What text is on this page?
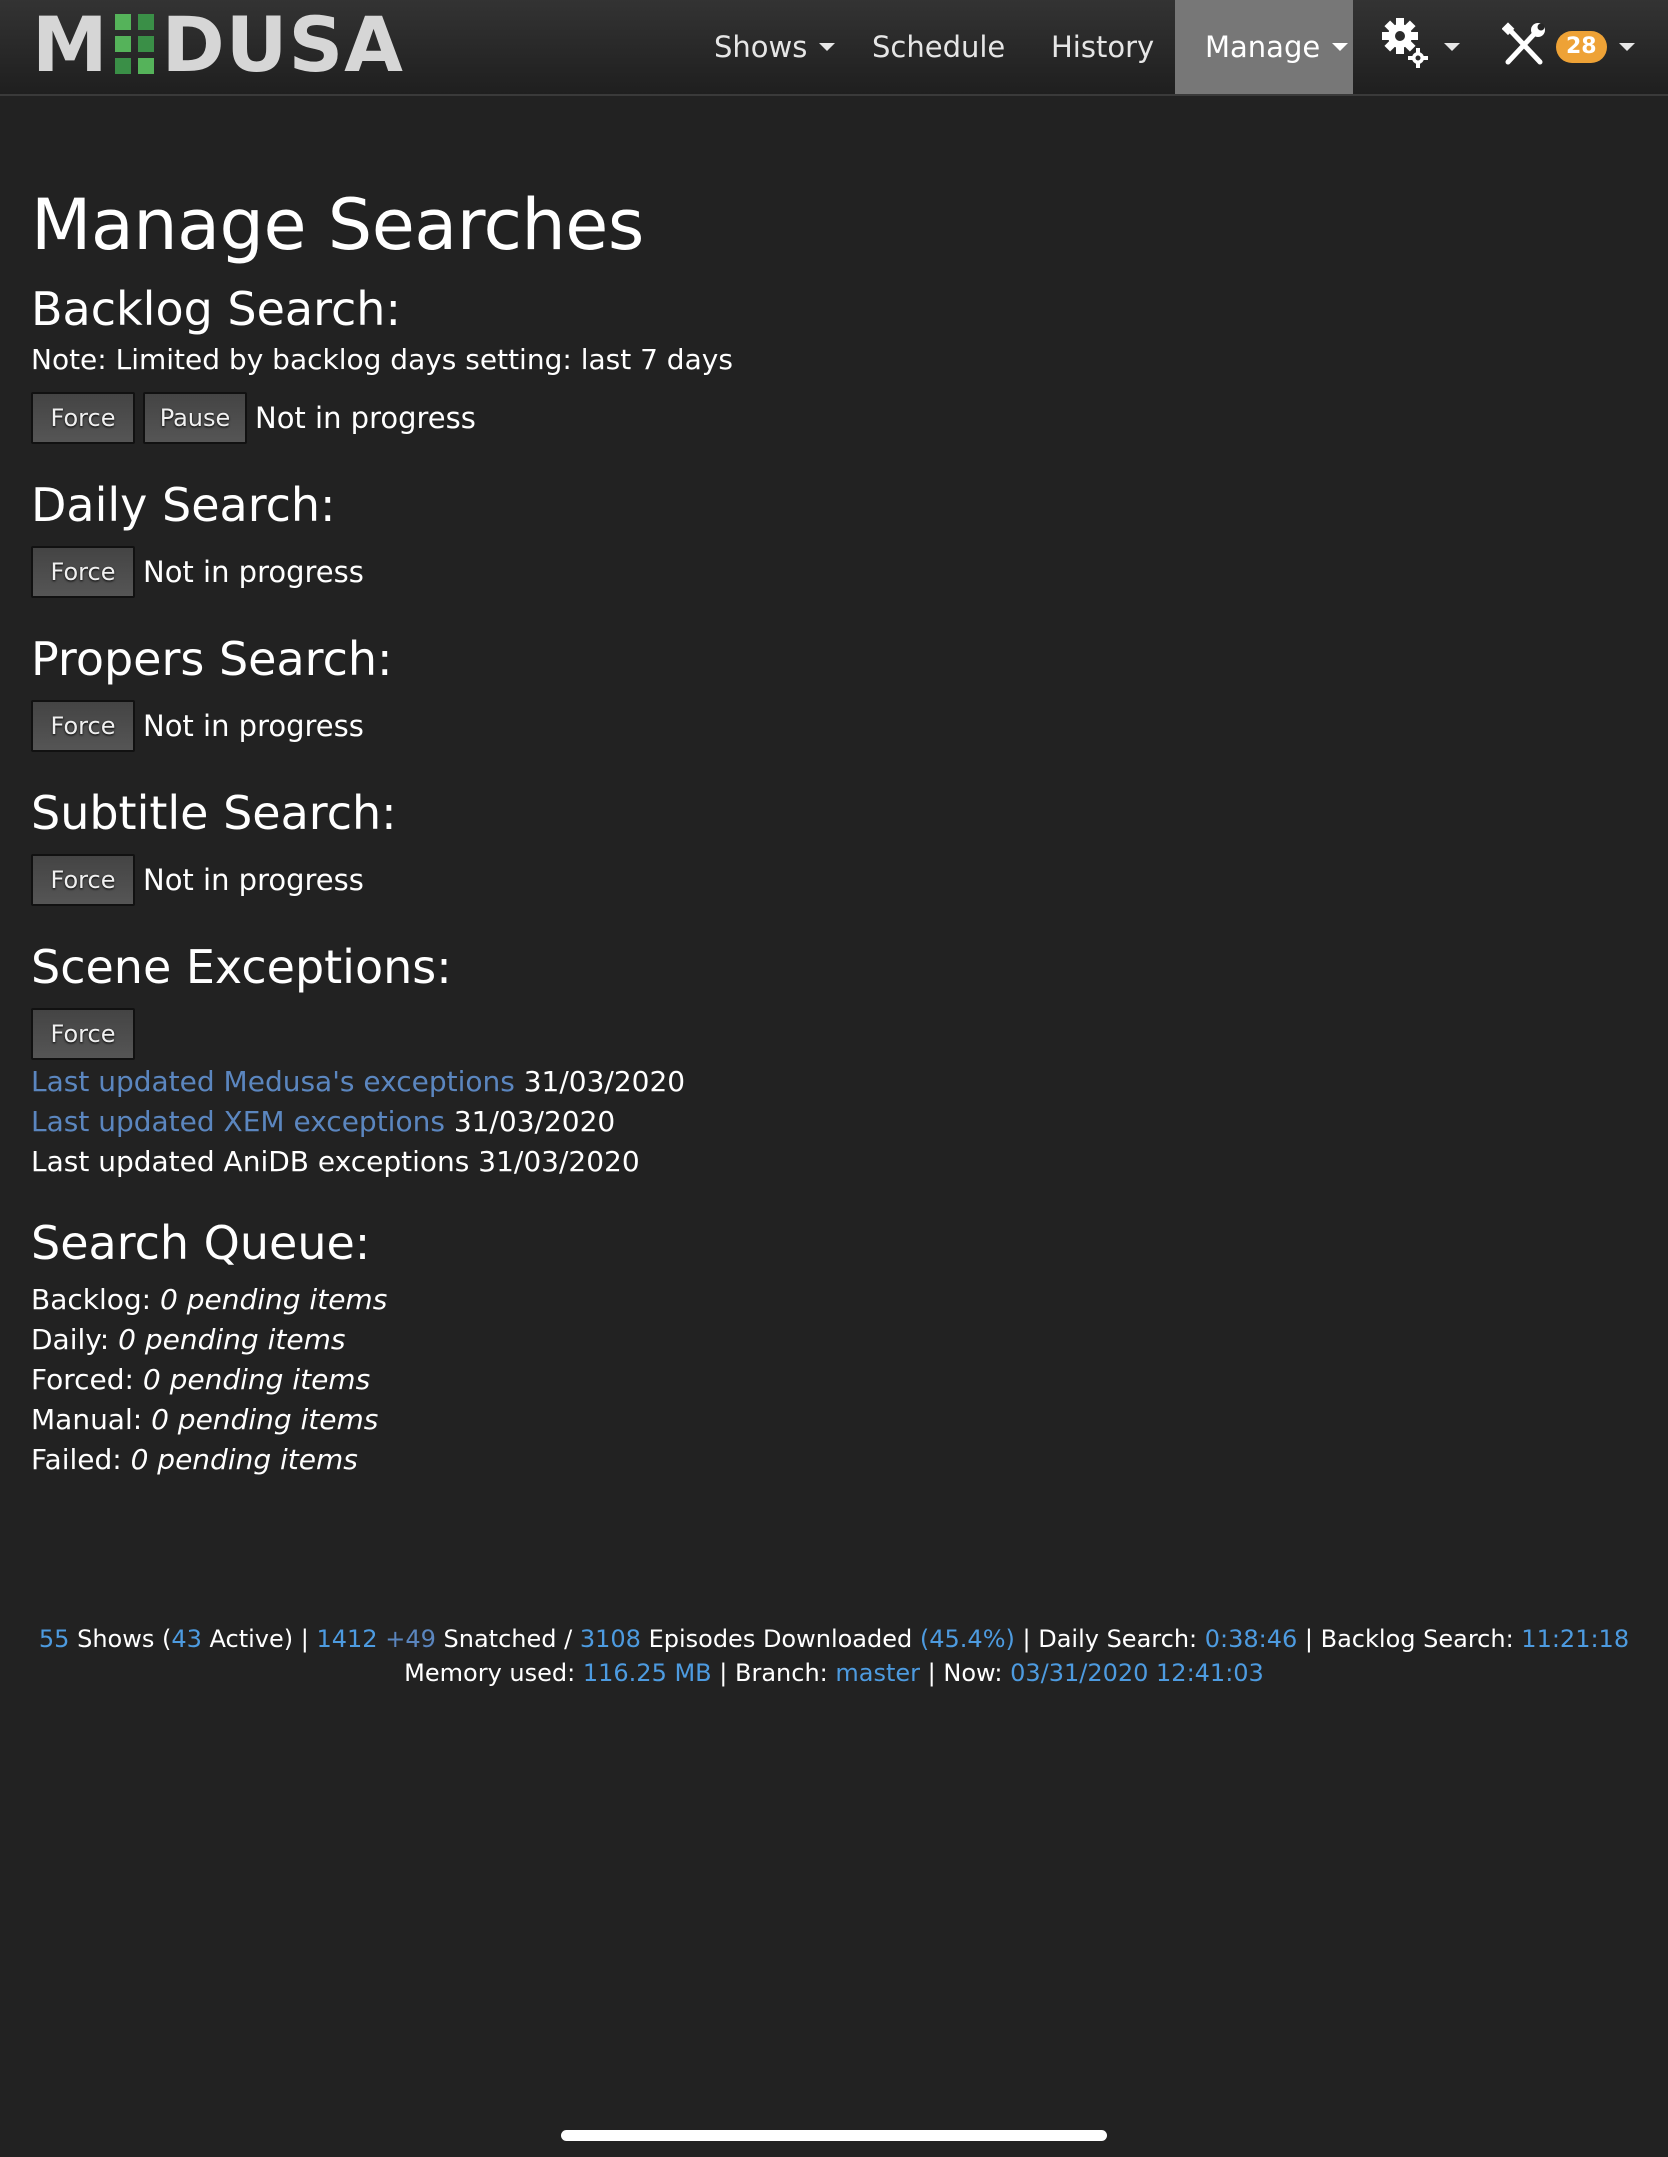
M DUSA	Shows Schedule History Manage	28
Manage Searches
Backlog Search:
Note: Limited by backlog days setting: last 7 days
Force	Pause Not in progress
Daily Search:
Force Not in progress
Propers Search:
Force Not in progress
Subtitle Search:
Force Not in progress
Scene Exceptions:
Force
Last updated Medusa's exceptions 31/03/2020
Last updated XEM exceptions 31/03/2020
Last updated AniDB exceptions 31/03/2020
Search Queue:
Backlog: 0 pending items
Daily: 0 pending items
Forced: 0 pending items
Manual: 0 pending items
Failed: 0 pending items
55 Shows (43 Active) | 1412 +49 Snatched / 3108 Episodes Downloaded (45.4%) | Daily Search: 0:38:46 | Backlog Search: 11:21:18
Memory used: 116.25 MB | Branch: master | Now: 03/31/2020 12:41:03
